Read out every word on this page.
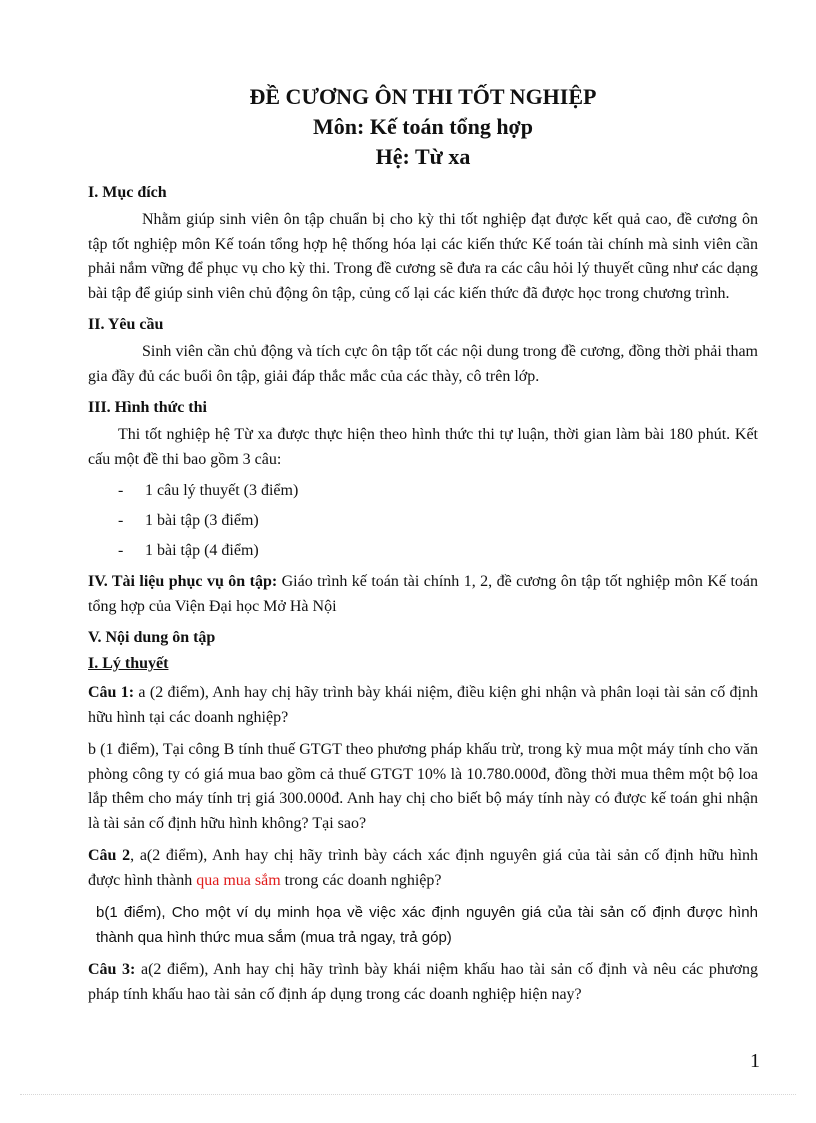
ĐỀ CƯƠNG ÔN THI TỐT NGHIỆP

Môn: Kế toán tổng hợp

Hệ: Từ xa

I. Mục đích

Nhằm giúp sinh viên ôn tập chuẩn bị cho kỳ thi tốt nghiệp đạt được kết quả cao, đề cương ôn tập tốt nghiệp môn Kế toán tổng hợp hệ thống hóa lại các kiến thức Kế toán tài chính mà sinh viên cần phải nắm vững để phục vụ cho kỳ thi. Trong đề cương sẽ đưa ra các câu hỏi lý thuyết cũng như các dạng bài tập để giúp sinh viên chủ động ôn tập, củng cố lại các kiến thức đã được học trong chương trình.

II. Yêu cầu

Sinh viên cần chủ động và tích cực ôn tập tốt các nội dung trong đề cương, đồng thời phải tham gia đầy đủ các buổi ôn tập, giải đáp thắc mắc của các thày, cô trên lớp.

III. Hình thức thi

Thi tốt nghiệp hệ Từ xa được thực hiện theo hình thức thi tự luận, thời gian làm bài 180 phút. Kết cấu một đề thi bao gồm 3 câu:

- 1 câu lý thuyết (3 điểm)
- 1 bài tập (3 điểm)
- 1 bài tập (4 điểm)

IV. Tài liệu phục vụ ôn tập: Giáo trình kế toán tài chính 1, 2, đề cương ôn tập tốt nghiệp môn Kế toán tổng hợp của Viện Đại học Mở Hà Nội

V. Nội dung ôn tập

I. Lý thuyết

Câu 1: a (2 điểm), Anh hay chị hãy trình bày khái niệm, điều kiện ghi nhận và phân loại tài sản cố định hữu hình tại các doanh nghiệp?

b (1 điểm), Tại công B tính thuế GTGT theo phương pháp khấu trừ, trong kỳ mua một máy tính cho văn phòng công ty có giá mua bao gồm cả thuế GTGT 10% là 10.780.000đ, đồng thời mua thêm một bộ loa lắp thêm cho máy tính trị giá 300.000đ. Anh hay chị cho biết bộ máy tính này có được kế toán ghi nhận là tài sản cố định hữu hình không? Tại sao?

Câu 2, a(2 điểm), Anh hay chị hãy trình bày cách xác định nguyên giá của tài sản cố định hữu hình được hình thành qua mua sắm trong các doanh nghiệp?

b(1 điểm), Cho một ví dụ minh họa về việc xác định nguyên giá của tài sản cố định được hình thành qua hình thức mua sắm (mua trả ngay, trả góp)

Câu 3: a(2 điểm), Anh hay chị hãy trình bày khái niệm khấu hao tài sản cố định và nêu các phương pháp tính khấu hao tài sản cố định áp dụng trong các doanh nghiệp hiện nay?

1
